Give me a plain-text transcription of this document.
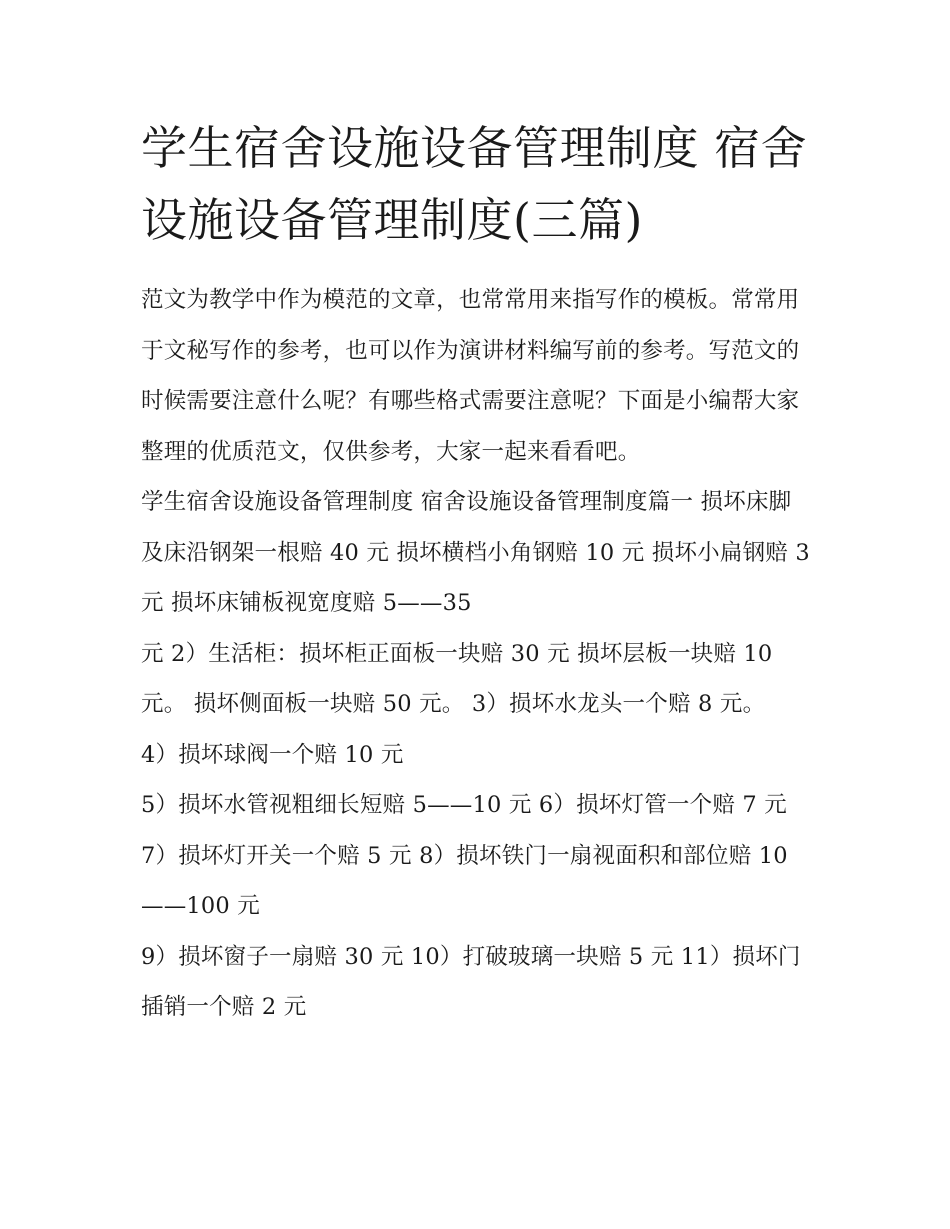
学生宿舍设施设备管理制度 宿舍设施设备管理制度(三篇)

范文为教学中作为模范的文章，也常常用来指写作的模板。常常用于文秘写作的参考，也可以作为演讲材料编写前的参考。写范文的时候需要注意什么呢？有哪些格式需要注意呢？下面是小编帮大家整理的优质范文，仅供参考，大家一起来看看吧。

学生宿舍设施设备管理制度 宿舍设施设备管理制度篇一 损坏床脚及床沿钢架一根赔 40 元 损坏横档小角钢赔 10 元 损坏小扁钢赔 3 元 损坏床铺板视宽度赔 5——35

元 2）生活柜：损坏柜正面板一块赔 30 元 损坏层板一块赔 10 元。 损坏侧面板一块赔 50 元。 3）损坏水龙头一个赔 8 元。

4）损坏球阀一个赔 10 元

5）损坏水管视粗细长短赔 5——10 元 6）损坏灯管一个赔 7 元

7）损坏灯开关一个赔 5 元 8）损坏铁门一扇视面积和部位赔 10——100 元

9）损坏窗子一扇赔 30 元 10）打破玻璃一块赔 5 元 11）损坏门插销一个赔 2 元
